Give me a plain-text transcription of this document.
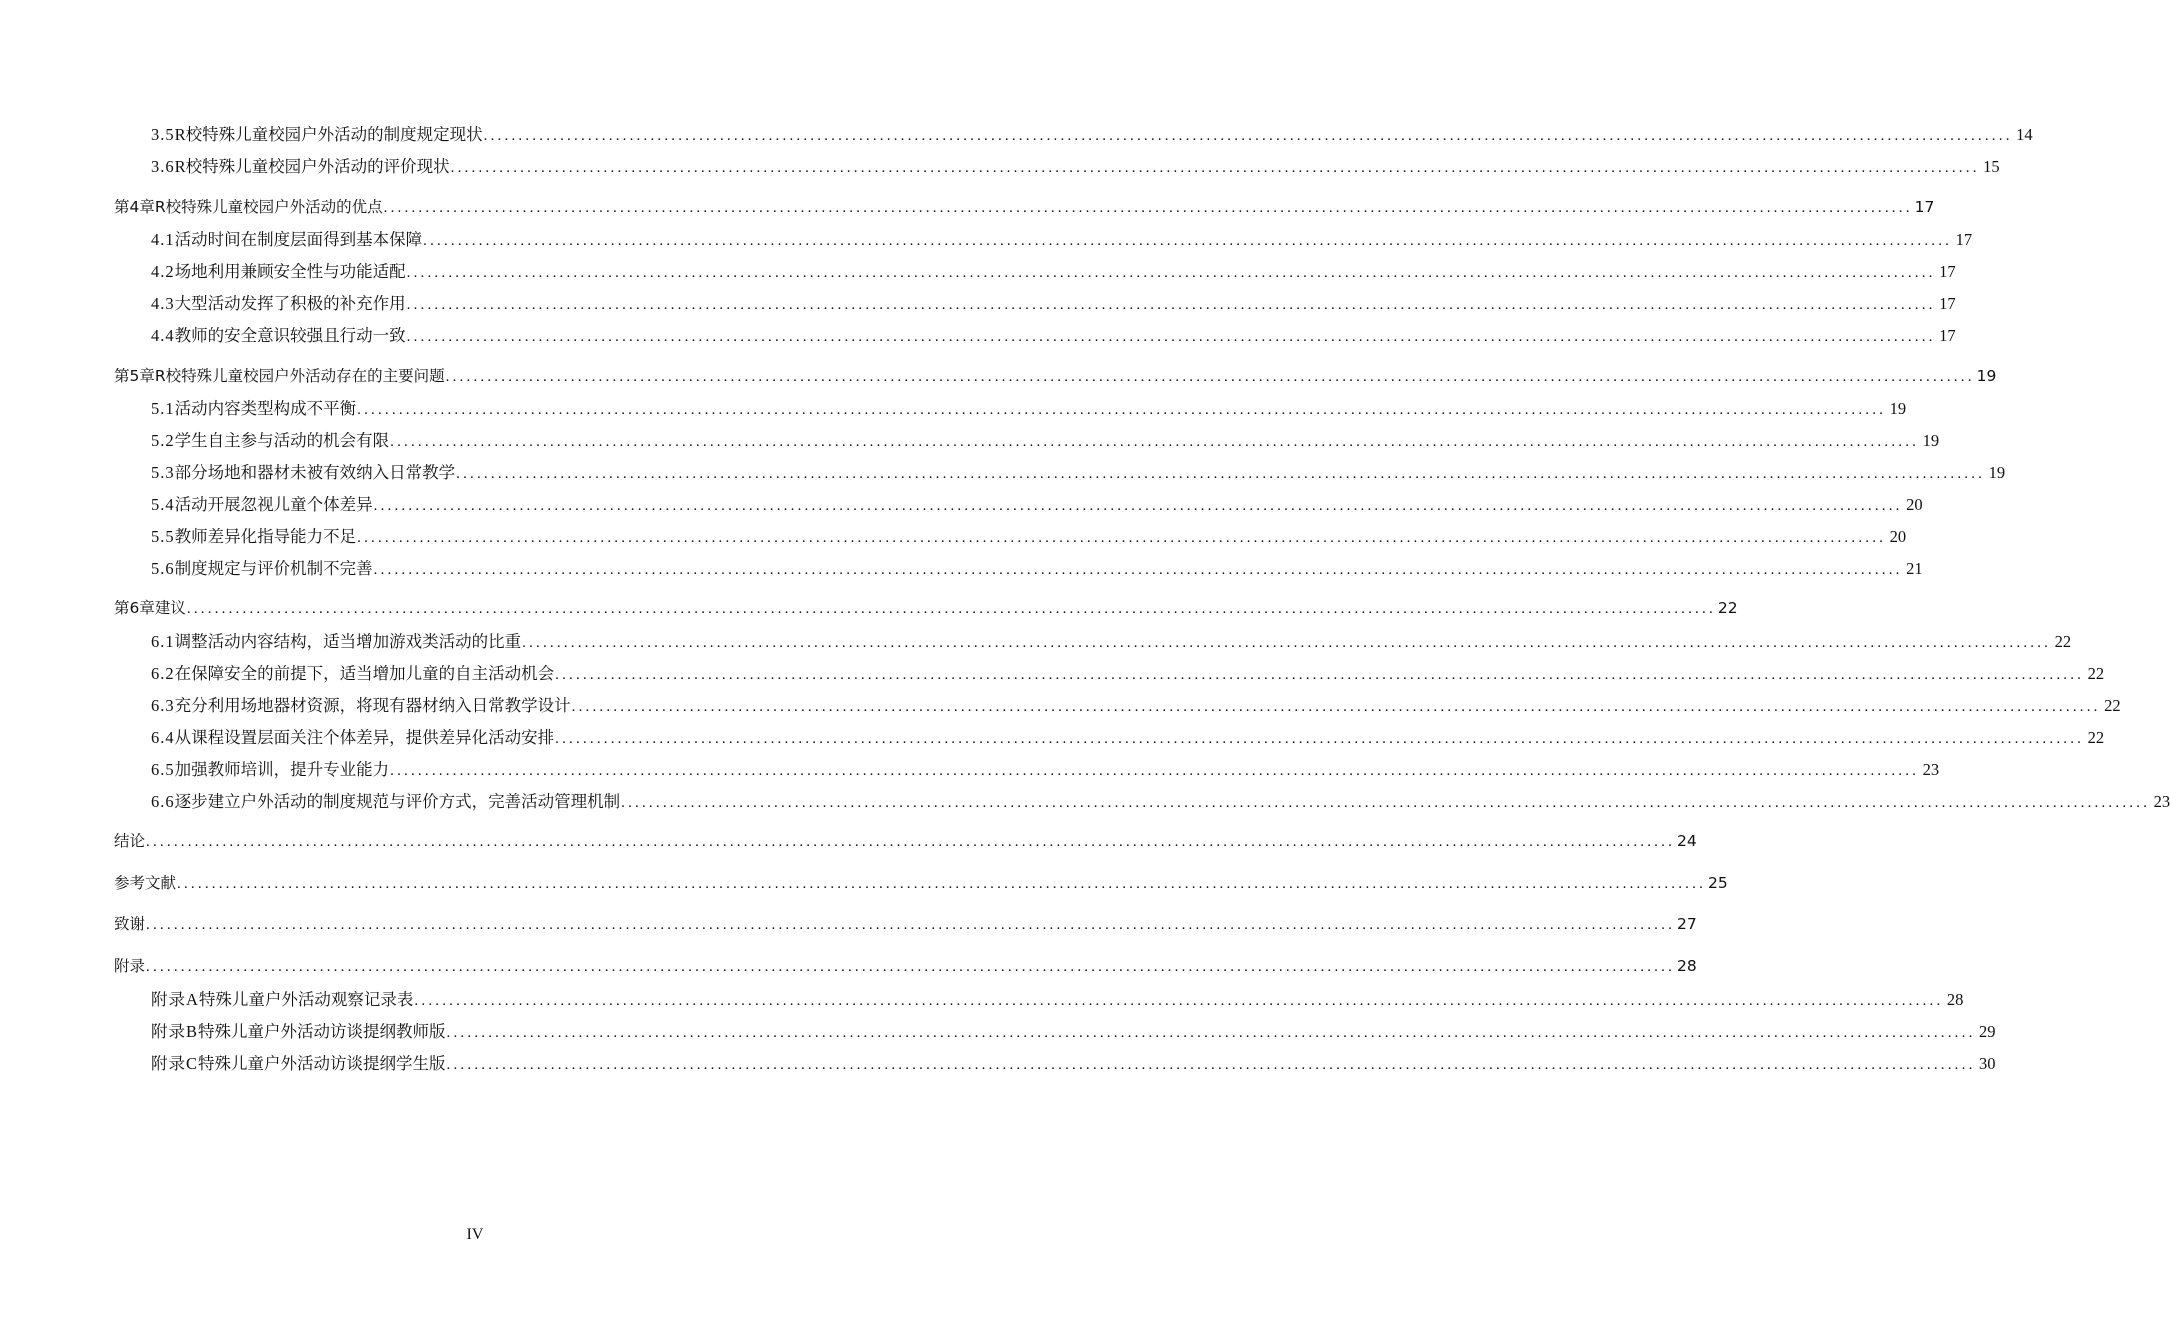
3.5 R校特殊儿童校园户外活动的制度规定现状 ............................................................................................................................................................................................................................ 14
3.6 R校特殊儿童校园户外活动的评价现状 ............................................................................................................................................................................................................................ 15
第4章 R校特殊儿童校园户外活动的优点 ............................................................................................................................................................................................................................ 17
4.1 活动时间在制度层面得到基本保障 ............................................................................................................................................................................................................................ 17
4.2 场地利用兼顾安全性与功能适配 ............................................................................................................................................................................................................................ 17
4.3 大型活动发挥了积极的补充作用 ............................................................................................................................................................................................................................ 17
4.4 教师的安全意识较强且行动一致 ............................................................................................................................................................................................................................ 17
第5章 R校特殊儿童校园户外活动存在的主要问题 ............................................................................................................................................................................................................................ 19
5.1 活动内容类型构成不平衡 ............................................................................................................................................................................................................................ 19
5.2 学生自主参与活动的机会有限 ............................................................................................................................................................................................................................ 19
5.3 部分场地和器材未被有效纳入日常教学 ............................................................................................................................................................................................................................ 19
5.4 活动开展忽视儿童个体差异 ............................................................................................................................................................................................................................ 20
5.5 教师差异化指导能力不足 ............................................................................................................................................................................................................................ 20
5.6 制度规定与评价机制不完善 ............................................................................................................................................................................................................................ 21
第6章 建议 ............................................................................................................................................................................................................................ 22
6.1 调整活动内容结构，适当增加游戏类活动的比重 ............................................................................................................................................................................................................................ 22
6.2 在保障安全的前提下，适当增加儿童的自主活动机会 ............................................................................................................................................................................................................................ 22
6.3 充分利用场地器材资源，将现有器材纳入日常教学设计 ............................................................................................................................................................................................................................ 22
6.4 从课程设置层面关注个体差异，提供差异化活动安排 ............................................................................................................................................................................................................................ 22
6.5 加强教师培训，提升专业能力 ............................................................................................................................................................................................................................ 23
6.6 逐步建立户外活动的制度规范与评价方式，完善活动管理机制 ............................................................................................................................................................................................................................ 23
结论 ............................................................................................................................................................................................................................ 24
参考文献 ............................................................................................................................................................................................................................ 25
致谢 ............................................................................................................................................................................................................................ 27
附录 ............................................................................................................................................................................................................................ 28
附录A 特殊儿童户外活动观察记录表 ............................................................................................................................................................................................................................ 28
附录B 特殊儿童户外活动访谈提纲教师版 ............................................................................................................................................................................................................................ 29
附录C 特殊儿童户外活动访谈提纲学生版 ............................................................................................................................................................................................................................ 30
IV
